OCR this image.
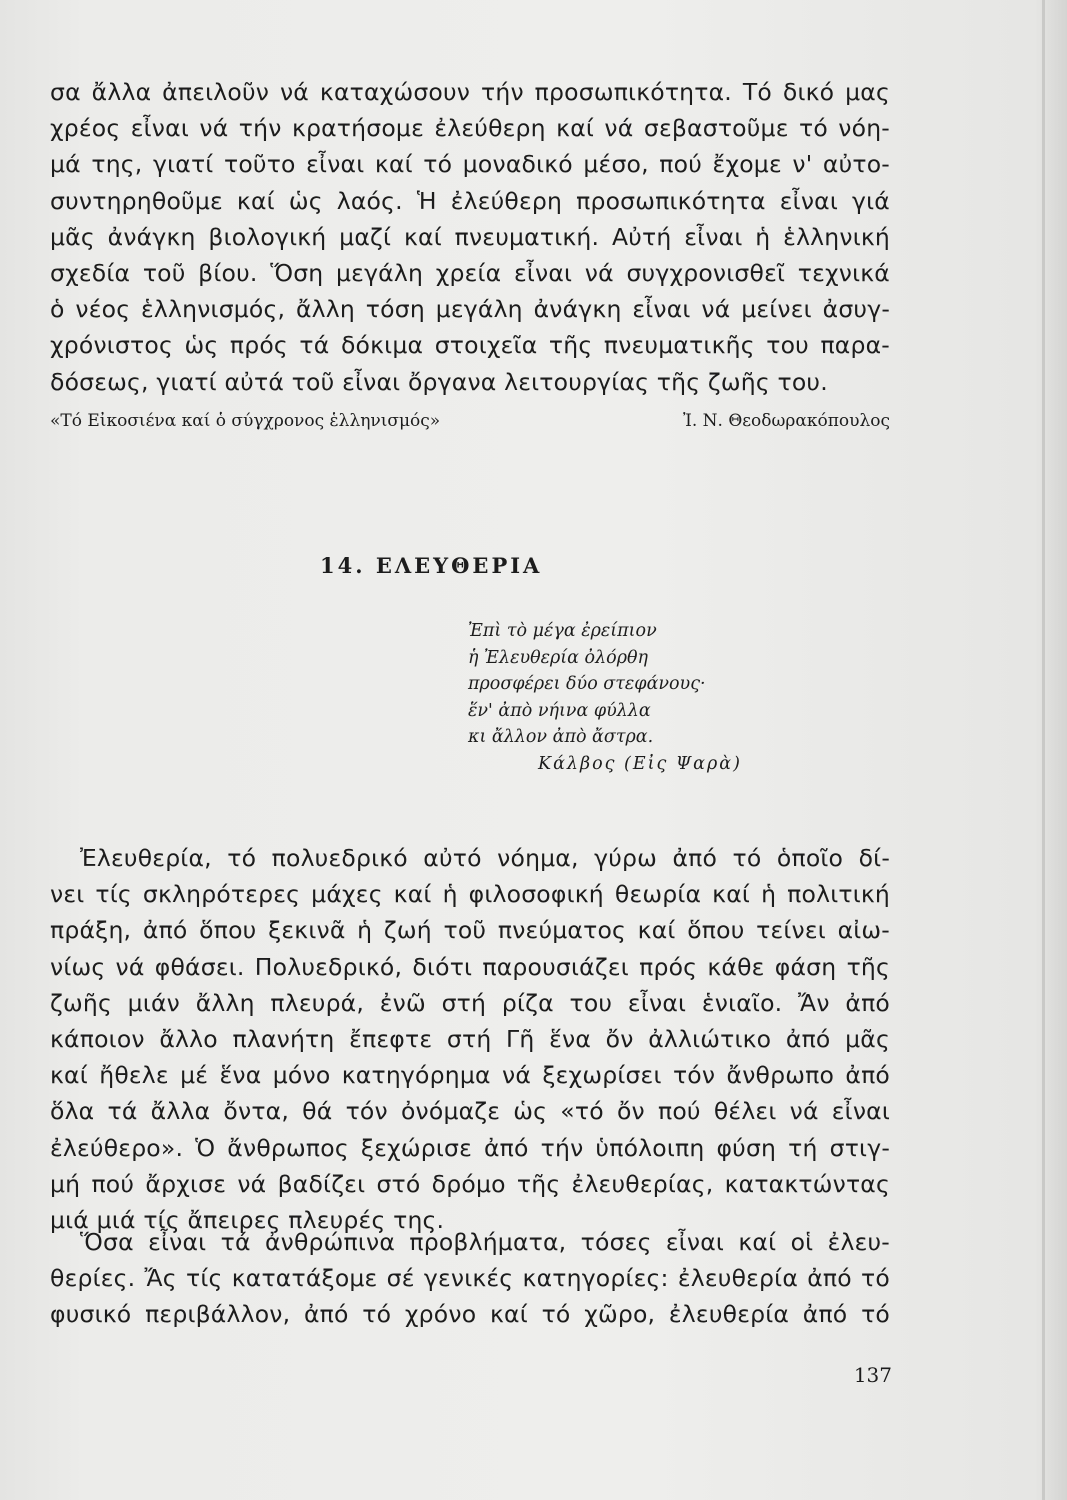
σα ἄλλα ἀπειλοῦν νά καταχώσουν τήν προσωπικότητα. Τό δικό μας
χρέος εἶναι νά τήν κρατήσομε ἐλεύθερη καί νά σεβαστοῦμε τό νόη-
μά της, γιατί τοῦτο εἶναι καί τό μοναδικό μέσο, πού ἔχομε ν' αὐτο-
συντηρηθοῦμε καί ὡς λαός. Ἡ ἐλεύθερη προσωπικότητα εἶναι γιά
μᾶς ἀνάγκη βιολογική μαζί καί πνευματική. Αὐτή εἶναι ἡ ἑλληνική
σχεδία τοῦ βίου. Ὅση μεγάλη χρεία εἶναι νά συγχρονισθεῖ τεχνικά
ὁ νέος ἑλληνισμός, ἄλλη τόση μεγάλη ἀνάγκη εἶναι νά μείνει ἀσυγ-
χρόνιστος ὡς πρός τά δόκιμα στοιχεῖα τῆς πνευματικῆς του παρα-
δόσεως, γιατί αὐτά τοῦ εἶναι ὄργανα λειτουργίας τῆς ζωῆς του.
«Τό Εἰκοσιένα καί ὁ σύγχρονος ἑλληνισμός»	Ἰ. Ν. Θεοδωρακόπουλος
14. ΕΛΕΥΘΕΡΙΑ
Ἐπὶ τὸ μέγα ἐρείπιον
ἡ Ἐλευθερία ὀλόρθη
προσφέρει δύο στεφάνους·
ἕν' ἀπὸ νήινα φύλλα
κι ἄλλον ἀπὸ ἄστρα.
Κάλβος (Εἰς Ψαρὰ)
Ἐλευθερία, τό πολυεδρικό αὐτό νόημα, γύρω ἀπό τό ὁποῖο δί-
νει τίς σκληρότερες μάχες καί ἡ φιλοσοφική θεωρία καί ἡ πολιτική
πράξη, ἀπό ὅπου ξεκινᾶ ἡ ζωή τοῦ πνεύματος καί ὅπου τείνει αἰω-
νίως νά φθάσει. Πολυεδρικό, διότι παρουσιάζει πρός κάθε φάση τῆς
ζωῆς μιάν ἄλλη πλευρά, ἐνῶ στή ρίζα του εἶναι ἑνιαῖο. Ἄν ἀπό
κάποιον ἄλλο πλανήτη ἔπεφτε στή Γῆ ἕνα ὄν ἀλλιώτικο ἀπό μᾶς
καί ἤθελε μέ ἕνα μόνο κατηγόρημα νά ξεχωρίσει τόν ἄνθρωπο ἀπό
ὅλα τά ἄλλα ὄντα, θά τόν ὀνόμαζε ὡς «τό ὄν πού θέλει νά εἶναι
ἐλεύθερο». Ὁ ἄνθρωπος ξεχώρισε ἀπό τήν ὑπόλοιπη φύση τή στιγ-
μή πού ἄρχισε νά βαδίζει στό δρόμο τῆς ἐλευθερίας, κατακτώντας
μιά μιά τίς ἄπειρες πλευρές της.
Ὅσα εἶναι τά ἀνθρώπινα προβλήματα, τόσες εἶναι καί οἱ ἐλευ-
θερίες. Ἄς τίς κατατάξομε σέ γενικές κατηγορίες: ἐλευθερία ἀπό τό
φυσικό περιβάλλον, ἀπό τό χρόνο καί τό χῶρο, ἐλευθερία ἀπό τό
137
